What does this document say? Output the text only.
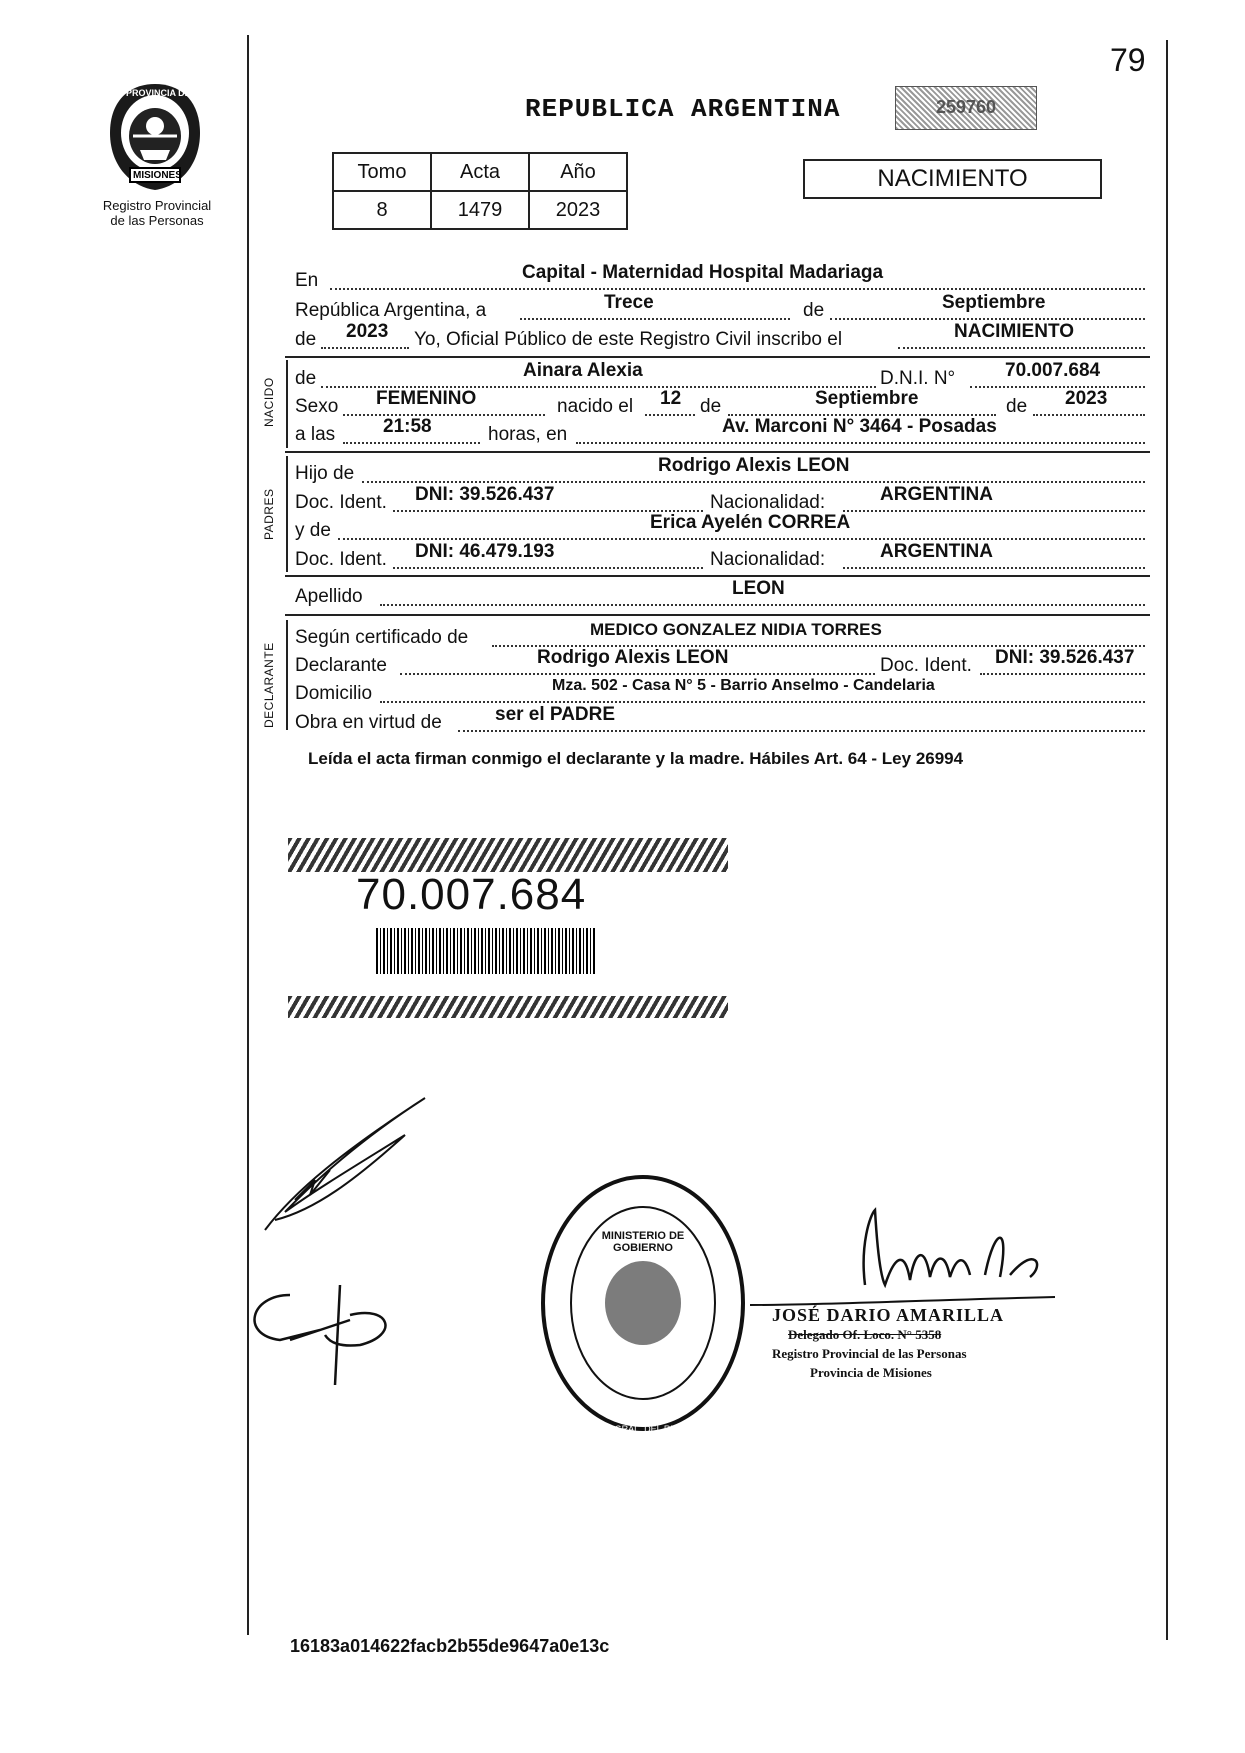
79
PROVINCIA DE
MISIONES
Registro Provincial
de las Personas
REPUBLICA ARGENTINA	259760
Tomo	Acta	Año
8	1479	2023
NACIMIENTO
En	Capital - Maternidad Hospital Madariaga
República Argentina, a	Trece	de	Septiembre
de 2023 Yo, Oficial Público de este Registro Civil inscribo el	NACIMIENTO
NACIDO de	Ainara Alexia	D.N.I. N°	70.007.684
Sexo FEMENINO	nacido el 12 de	Septiembre	de 2023
a las	21:58	horas, en	Av. Marconi N° 3464 - Posadas
PADRES
Hijo de	Rodrigo Alexis LEON
Doc. Ident. DNI: 39.526.437	Nacionalidad:	ARGENTINA
y de	Erica Ayelén CORREA
Doc. Ident. DNI: 46.479.193	Nacionalidad:	ARGENTINA
Apellido	LEON
DECLARANTE
Según certificado de	MEDICO GONZALEZ NIDIA TORRES
Declarante	Rodrigo Alexis LEON	Doc. Ident. DNI: 39.526.437
Domicilio	Mza. 502 - Casa N° 5 - Barrio Anselmo - Candelaria
Obra en virtud de	ser el PADRE
Leída el acta firman conmigo el declarante y la madre. Hábiles Art. 64 - Ley 26994
70.007.684
DIRECC. GRAL. DEL REGISTRO PROVINCIAL DE LAS PERSONAS
MINISTERIO DE GOBIERNO
JOSÉ DARIO AMARILLA
Delegado Of. Loco. N° 5358
Registro Provincial de las Personas
Provincia de Misiones
16183a014622facb2b55de9647a0e13c
